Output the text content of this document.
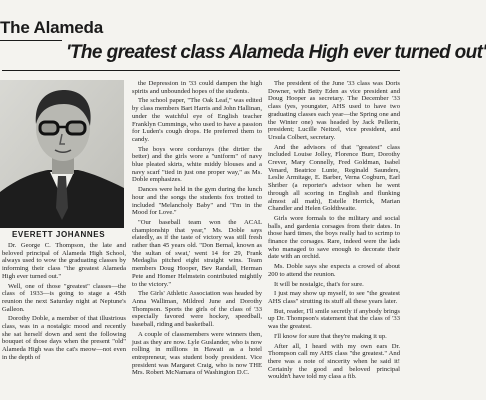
The Alameda
'The greatest class Alameda High ever turned out'
EVERETT JOHANNES

Dr. George C. Thompson, the late and beloved principal of Alameda High School, always used to wow the graduating classes by informing their class "the greatest Alameda High ever turned out."

Well, one of those "greatest" classes—the class of 1933—is going to stage a 45th reunion the next Saturday night at Neptune's Galleon.

Dorothy Doble, a member of that illustrious class, was in a nostalgic mood and recently she sat herself down and sent the following bouquet of those days when the present "old" Alameda High was the cat's meow—not even in the depth of

the Depression in '33 could dampen the high spirits and unbounded hopes of the students.

The school paper, "The Oak Leaf," was edited by class members Bart Harris and John Hallinan, under the watchful eye of English teacher Franklyn Cummings, who used to have a passion for Luden's cough drops. He preferred them to candy.

The boys wore corduroys (the dirtier the better) and the girls wore a "uniform" of navy blue pleated skirts, white middy blouses and a navy scarf "tied in just one proper way," as Ms. Doble emphasizes.

Dances were held in the gym during the lunch hour and the songs the students fox trotted to included "Melancholy Baby" and "I'm in the Mood for Love."

"Our baseball team won the ACAL championship that year," Ms. Doble says elatedly, as if the taste of victory was still fresh rather than 45 years old. "Don Bernal, known as 'the sultan of swat,' went 14 for 29, Frank Medaglia pitched eight straight wins. Team members Doug Hooper, Bev Randall, Herman Pete and Homer Helmstein contributed mightily to the victory."

The Girls' Athletic Association was headed by Anna Walliman, Mildred June and Dorothy Thompson. Sports the girls of the class of '33 especially favored were hockey, speedball, baseball, riding and basketball.

A couple of classmembers were winners then, just as they are now. Lyle Guslander, who is now rolling in millions in Hawaii as a hotel entrepreneur, was student body president. Vice president was Margaret Craig, who is now THE Mrs. Robert McNamara of Washington D.C.

The president of the June '33 class was Doris Downer, with Betty Eden as vice president and Doug Hooper as secretary. The December '33 class (yes, youngster, AHS used to have two graduating classes each year—the Spring one and the Winter one) was headed by Jack Pellerin, president; Lucille Neitzel, vice president, and Ursula Colbert, secretary.

And the advisors of that "greatest" class included Louise Jolley, Florence Burr, Dorothy Crever, Mary Connelly, Fred Goldman, Isabel Venard, Beatrice Lunte, Reginald Saunders, Leslie Armitage, E. Barber, Verna Cogburn, Earl Shriber (a reporter's advisor when he went through all scoring in English and flunking almost all math), Estelle Herrick, Marian Chandler and Helen Goldthwaite.

Girls wore formals to the military and social balls, and gardenia corsages from their dates. In those hard times, the boys really had to scrimp to finance the corsages. Rare, indeed were the lads who managed to save enough to decorate their date with an orchid.

Ms. Doble says she expects a crowd of about 200 to attend the reunion.

It will be nostalgic, that's for sure.

I just may show up myself, to see "the greatest AHS class" strutting its stuff all these years later.

But, reader, I'll smile secretly if anybody brings up Dr. Thompson's statement that the class of '33 was the greatest.

I'll know for sure that they're making it up.

After all, I heard with my own ears Dr. Thompson call my AHS class "the greatest." And there was a note of sincerity when he said it! Certainly the good and beloved principal wouldn't have told my class a fib.
